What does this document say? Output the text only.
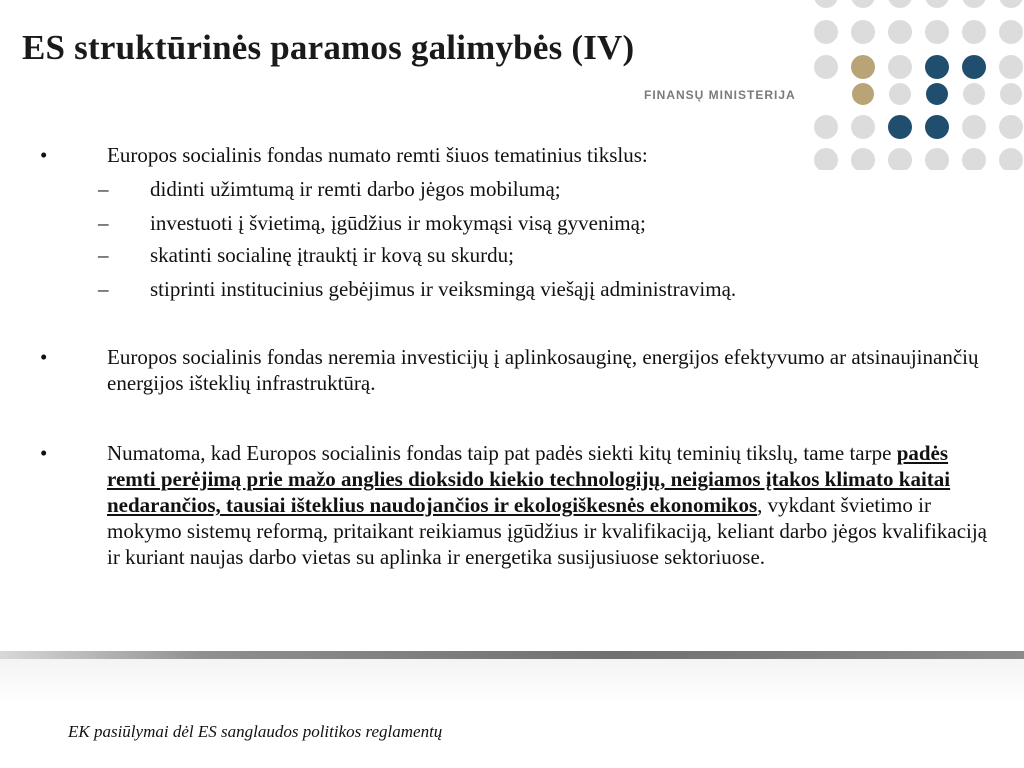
ES struktūrinės paramos galimybės (IV)
FINANSŲ MINISTERIJA
•	Europos socialinis fondas numato remti šiuos tematinius tikslus:
– didinti užimtumą ir remti darbo jėgos mobilumą;
– investuoti į švietimą, įgūdžius ir mokymąsi visą gyvenimą;
– skatinti socialinę įtrauktį ir kovą su skurdu;
– stiprinti institucinius gebėjimus ir veiksmingą viešąjį administravimą.
•	Europos socialinis fondas neremia investicijų į aplinkosauginę, energijos efektyvumo ar atsinaujinančių energijos išteklių infrastruktūrą.
•	Numatoma, kad Europos socialinis fondas taip pat padės siekti kitų teminių tikslų, tame tarpe padės remti perėjimą prie mažo anglies dioksido kiekio technologijų, neigiamos įtakos klimato kaitai nedarančios, tausiai išteklius naudojančios ir ekologiškesnės ekonomikos, vykdant švietimo ir mokymo sistemų reformą, pritaikant reikiamus įgūdžius ir kvalifikaciją, keliant darbo jėgos kvalifikaciją ir kuriant naujas darbo vietas su aplinka ir energetika susijusiuose sektoriuose.
EK pasiūlymai dėl ES sanglaudos politikos reglamentų
